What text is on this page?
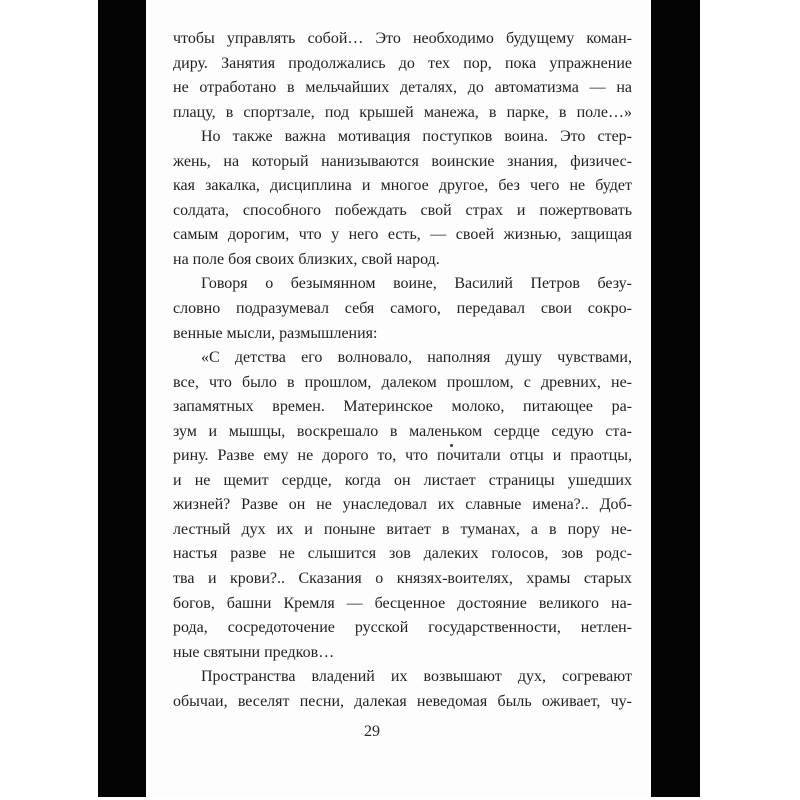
чтобы управлять собой… Это необходимо будущему коман-
диру. Занятия продолжались до тех пор, пока упражнение
не отработано в мельчайших деталях, до автоматизма — на
плацу, в спортзале, под крышей манежа, в парке, в поле…»
Но также важна мотивация поступков воина. Это стер-
жень, на который нанизываются воинские знания, физичес-
кая закалка, дисциплина и многое другое, без чего не будет
солдата, способного побеждать свой страх и пожертвовать
самым дорогим, что у него есть, — своей жизнью, защищая
на поле боя своих близких, свой народ.
Говоря о безымянном воине, Василий Петров безу-
словно подразумевал себя самого, передавал свои сокро-
венные мысли, размышления:
«С детства его волновало, наполняя душу чувствами,
все, что было в прошлом, далеком прошлом, с древних, не-
запамятных времен. Материнское молоко, питающее ра-
зум и мышцы, воскрешало в маленьком сердце седую ста-
рину. Разве ему не дорого то, что почитали отцы и праотцы,
и не щемит сердце, когда он листает страницы ушедших
жизней? Разве он не унаследовал их славные имена?.. Доб-
лестный дух их и поныне витает в туманах, а в пору не-
настья разве не слышится зов далеких голосов, зов родс-
тва и крови?.. Сказания о князях-воителях, храмы старых
богов, башни Кремля — бесценное достояние великого на-
рода, сосредоточение русской государственности, нетлен-
ные святыни предков…
Пространства владений их возвышают дух, согревают
обычаи, веселят песни, далекая неведомая быль оживает, чу-
29
